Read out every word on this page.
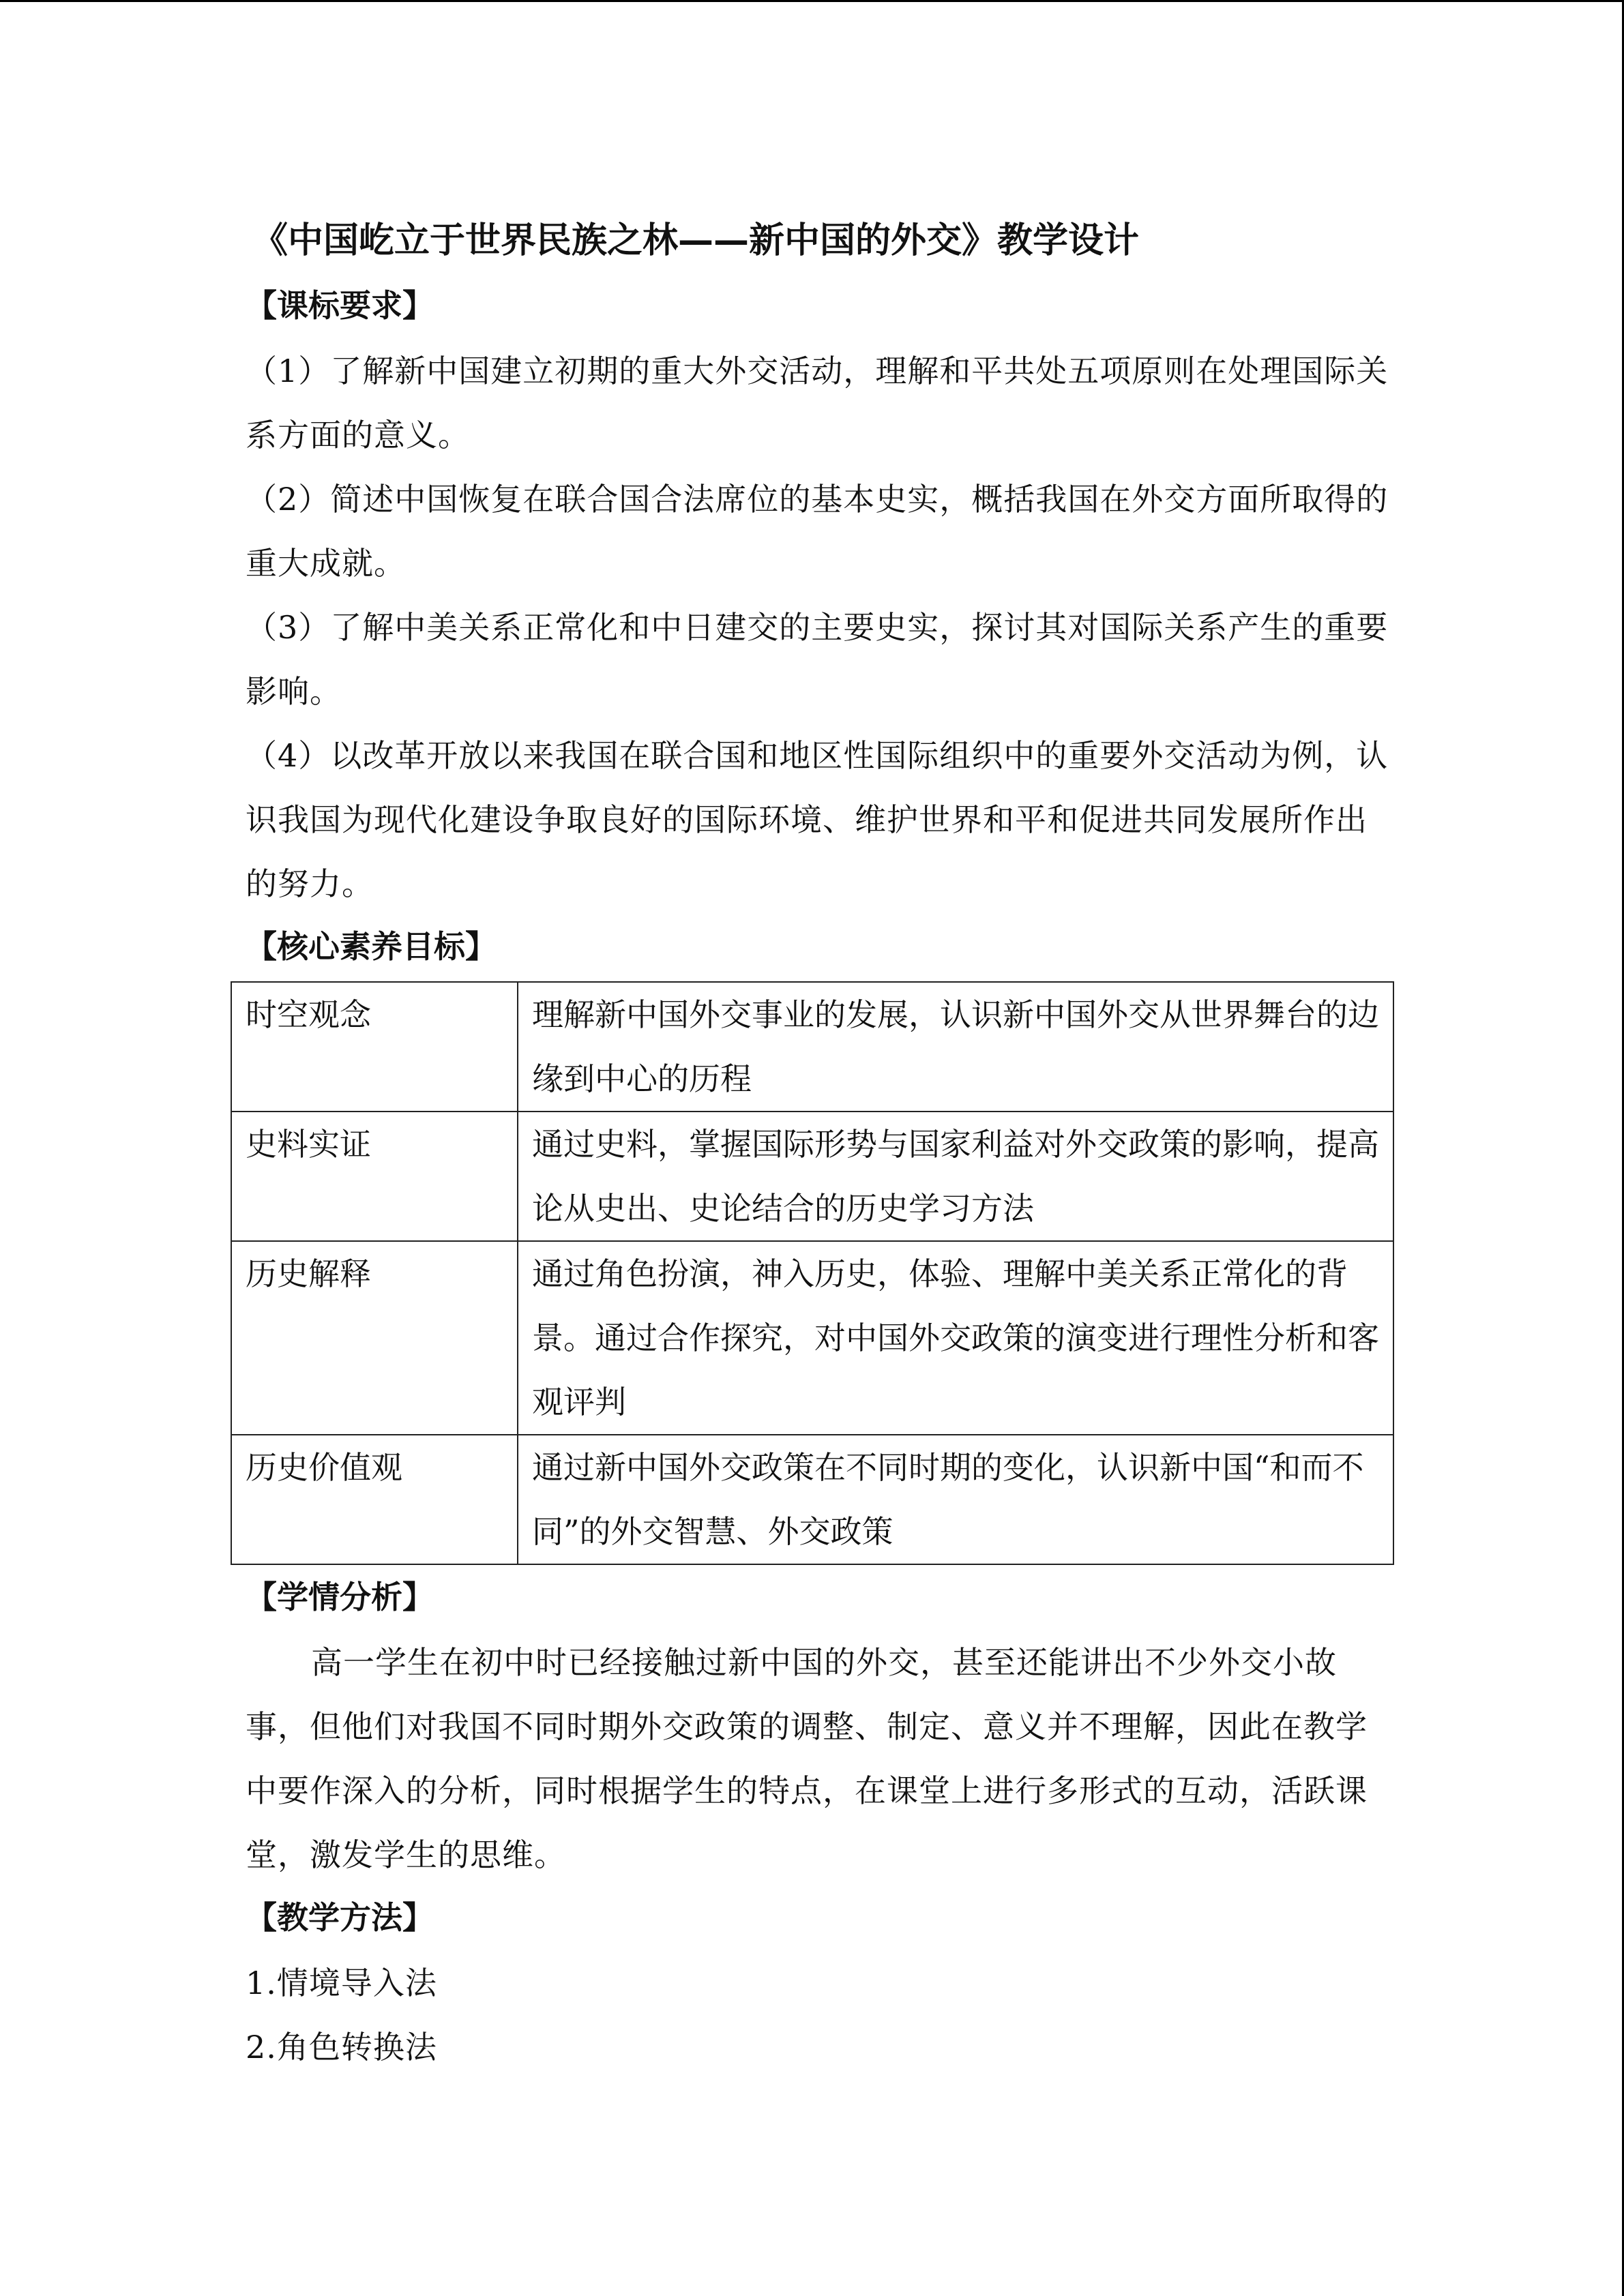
《中国屹立于世界民族之林——新中国的外交》教学设计
【课标要求】

（1）了解新中国建立初期的重大外交活动，理解和平共处五项原则在处理国际关系方面的意义。

（2）简述中国恢复在联合国合法席位的基本史实，概括我国在外交方面所取得的重大成就。

（3）了解中美关系正常化和中日建交的主要史实，探讨其对国际关系产生的重要影响。

（4）以改革开放以来我国在联合国和地区性国际组织中的重要外交活动为例，认识我国为现代化建设争取良好的国际环境、维护世界和平和促进共同发展所作出的努力。

【核心素养目标】
时空观念	理解新中国外交事业的发展，认识新中国外交从世界舞台的边缘到中心的历程
史料实证	通过史料，掌握国际形势与国家利益对外交政策的影响，提高论从史出、史论结合的历史学习方法
历史解释	通过角色扮演，神入历史，体验、理解中美关系正常化的背景。通过合作探究，对中国外交政策的演变进行理性分析和客观评判
历史价值观	通过新中国外交政策在不同时期的变化，认识新中国“和而不同”的外交智慧、外交政策
【学情分析】

高一学生在初中时已经接触过新中国的外交，甚至还能讲出不少外交小故事，但他们对我国不同时期外交政策的调整、制定、意义并不理解，因此在教学中要作深入的分析，同时根据学生的特点，在课堂上进行多形式的互动，活跃课堂，激发学生的思维。

【教学方法】

1.情境导入法

2.角色转换法
